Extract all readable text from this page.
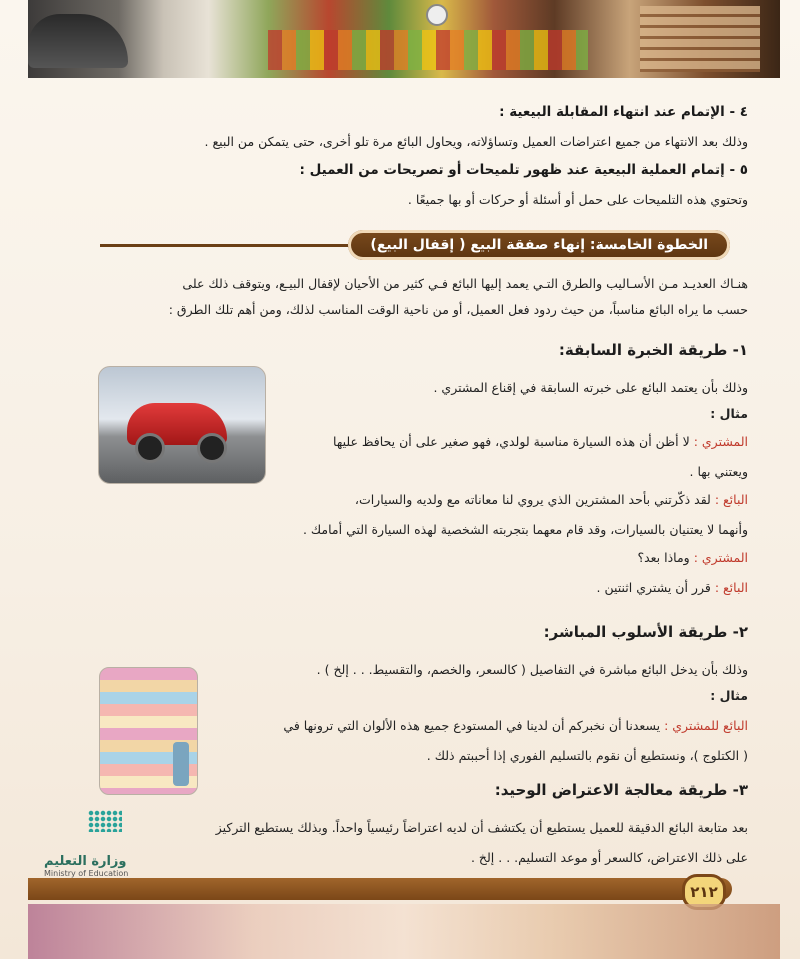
٤ - الإتمام عند انتهاء المقابلة البيعية :
وذلك بعد الانتهاء من جميع اعتراضات العميل وتساؤلاته، ويحاول البائع مرة تلو أخرى، حتى يتمكن من البيع .
٥ - إتمام العملية البيعية عند ظهور تلميحات أو تصريحات من العميل :
وتحتوي هذه التلميحات على حمل أو أسئلة أو حركات أو بها جميعًا .
هنـاك العديـد مـن الأسـاليب والطرق التـي يعمد إليها البائع فـي كثير من الأحيان لإقفال البيـع، ويتوقف ذلك على
حسب ما يراه البائع مناسباً، من حيث ردود فعل العميل، أو من ناحية الوقت المناسب لذلك، ومن أهم تلك الطرق :
١- طريقة الخبرة السابقة:
وذلك بأن يعتمد البائع على خبرته السابقة في إقناع المشتري .
مثال :
المشتري : لا أظن أن هذه السيارة مناسبة لولدي، فهو صغير على أن يحافظ عليها
ويعتني بها .
البائع : لقد ذكّرتني بأحد المشترين الذي يروي لنا معاناته مع ولديه والسيارات،
وأنهما لا يعتنيان بالسيارات، وقد قام معهما بتجربته الشخصية لهذه السيارة التي أمامك .
المشتري : وماذا بعد؟
البائع : قرر أن يشتري اثنتين .
٢- طريقة الأسلوب المباشر:
وذلك بأن يدخل البائع مباشرة في التفاصيل ( كالسعر، والخصم، والتقسيط. . . إلخ ) .
مثال :
البائع للمشتري : يسعدنا أن نخبركم أن لدينا في المستودع جميع هذه الألوان التي ترونها في
( الكتلوج )، ونستطيع أن نقوم بالتسليم الفوري إذا أحببتم ذلك .
٣- طريقة معالجة الاعتراض الوحيد:
بعد متابعة البائع الدقيقة للعميل يستطيع أن يكتشف أن لديه اعتراضاً رئيسياً واحداً. وبذلك يستطيع التركيز
على ذلك الاعتراض، كالسعر أو موعد التسليم. . . إلخ .
الخطوة الخامسة: إنهاء صفقة البيع ( إقفال البيع)
وزارة التعليم
Ministry of Education
٢١٢
